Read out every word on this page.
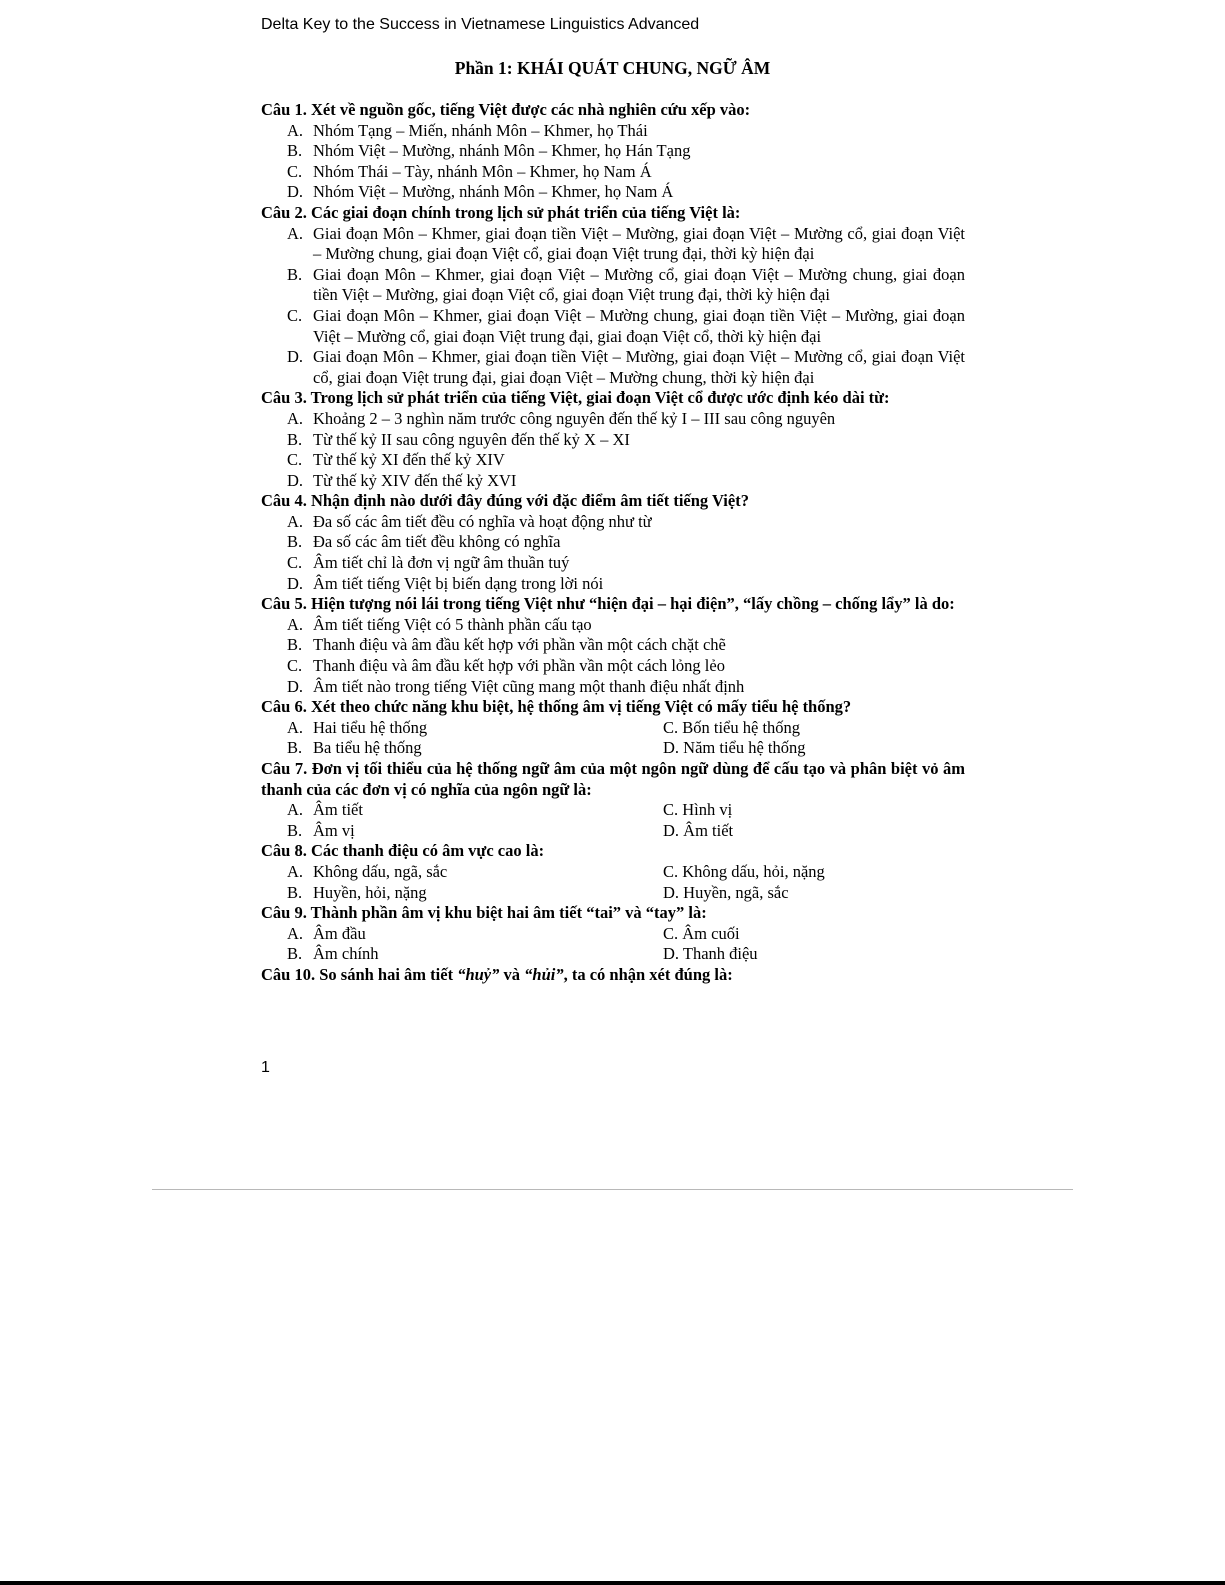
Delta Key to the Success in Vietnamese Linguistics Advanced
Phần 1: KHÁI QUÁT CHUNG, NGỮ ÂM
Câu 1. Xét về nguồn gốc, tiếng Việt được các nhà nghiên cứu xếp vào:
A. Nhóm Tạng – Miến, nhánh Môn – Khmer, họ Thái
B. Nhóm Việt – Mường, nhánh Môn – Khmer, họ Hán Tạng
C. Nhóm Thái – Tày, nhánh Môn – Khmer, họ Nam Á
D. Nhóm Việt – Mường, nhánh Môn – Khmer, họ Nam Á
Câu 2. Các giai đoạn chính trong lịch sử phát triển của tiếng Việt là:
A. Giai đoạn Môn – Khmer, giai đoạn tiền Việt – Mường, giai đoạn Việt – Mường cổ, giai đoạn Việt – Mường chung, giai đoạn Việt cổ, giai đoạn Việt trung đại, thời kỳ hiện đại
B. Giai đoạn Môn – Khmer, giai đoạn Việt – Mường cổ, giai đoạn Việt – Mường chung, giai đoạn tiền Việt – Mường, giai đoạn Việt cổ, giai đoạn Việt trung đại, thời kỳ hiện đại
C. Giai đoạn Môn – Khmer, giai đoạn Việt – Mường chung, giai đoạn tiền Việt – Mường, giai đoạn Việt – Mường cổ, giai đoạn Việt trung đại, giai đoạn Việt cổ, thời kỳ hiện đại
D. Giai đoạn Môn – Khmer, giai đoạn tiền Việt – Mường, giai đoạn Việt – Mường cổ, giai đoạn Việt cổ, giai đoạn Việt trung đại, giai đoạn Việt – Mường chung, thời kỳ hiện đại
Câu 3. Trong lịch sử phát triển của tiếng Việt, giai đoạn Việt cổ được ước định kéo dài từ:
A. Khoảng 2 – 3 nghìn năm trước công nguyên đến thế kỷ I – III sau công nguyên
B. Từ thế kỷ II sau công nguyên đến thế kỷ X – XI
C. Từ thế kỷ XI đến thế kỷ XIV
D. Từ thế kỷ XIV đến thế kỷ XVI
Câu 4. Nhận định nào dưới đây đúng với đặc điểm âm tiết tiếng Việt?
A. Đa số các âm tiết đều có nghĩa và hoạt động như từ
B. Đa số các âm tiết đều không có nghĩa
C. Âm tiết chỉ là đơn vị ngữ âm thuần tuý
D. Âm tiết tiếng Việt bị biến dạng trong lời nói
Câu 5. Hiện tượng nói lái trong tiếng Việt như “hiện đại – hại điện”, “lấy chồng – chống lẩy” là do:
A. Âm tiết tiếng Việt có 5 thành phần cấu tạo
B. Thanh điệu và âm đầu kết hợp với phần vần một cách chặt chẽ
C. Thanh điệu và âm đầu kết hợp với phần vần một cách lỏng lẻo
D. Âm tiết nào trong tiếng Việt cũng mang một thanh điệu nhất định
Câu 6. Xét theo chức năng khu biệt, hệ thống âm vị tiếng Việt có mấy tiểu hệ thống?
A. Hai tiểu hệ thống	C. Bốn tiểu hệ thống
B. Ba tiểu hệ thống	D. Năm tiểu hệ thống
Câu 7. Đơn vị tối thiểu của hệ thống ngữ âm của một ngôn ngữ dùng để cấu tạo và phân biệt vỏ âm thanh của các đơn vị có nghĩa của ngôn ngữ là:
A. Âm tiết	C. Hình vị
B. Âm vị	D. Âm tiết
Câu 8. Các thanh điệu có âm vực cao là:
A. Không dấu, ngã, sắc	C. Không dấu, hỏi, nặng
B. Huyền, hỏi, nặng	D. Huyền, ngã, sắc
Câu 9. Thành phần âm vị khu biệt hai âm tiết “tai” và “tay” là:
A. Âm đầu	C. Âm cuối
B. Âm chính	D. Thanh điệu
Câu 10. So sánh hai âm tiết “huỷ” và “hủi”, ta có nhận xét đúng là:
1
